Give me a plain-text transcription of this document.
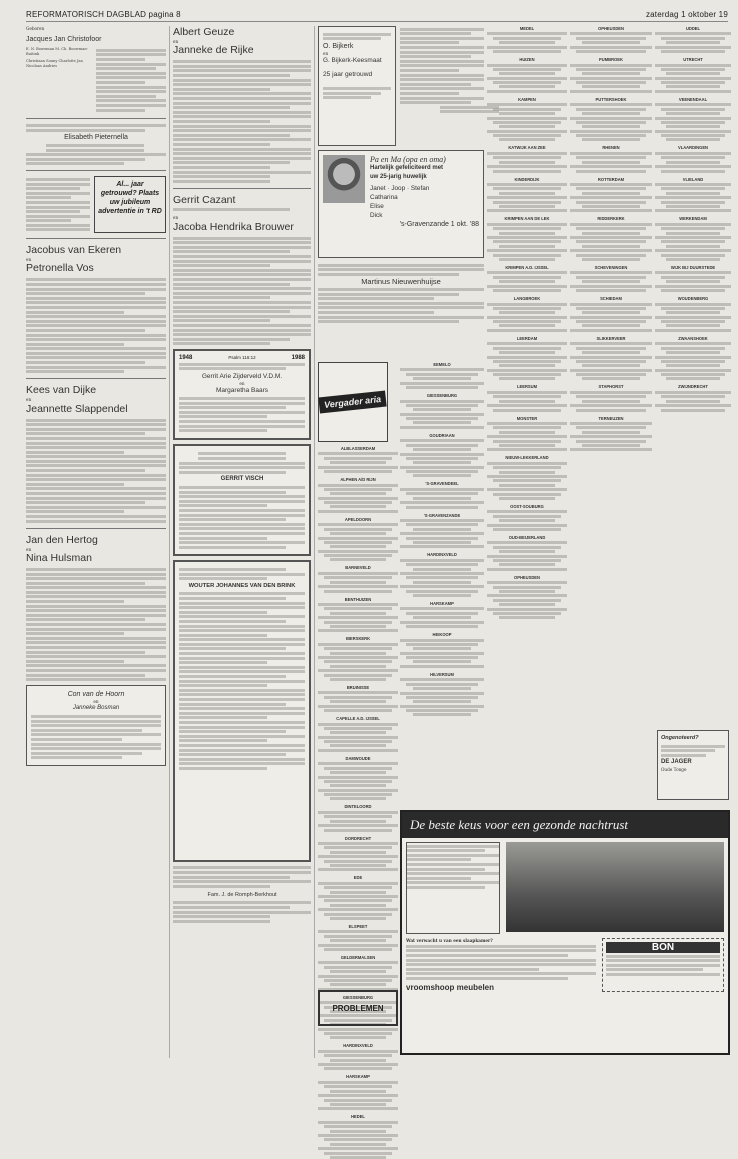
REFORMATORISCH DAGBLAD pagina 8	zaterdag 1 oktober 19
Geboren
Jacques Jan Christofoor
E. N. Bouwman M. Ch. Bouwman-Buitink
Christiaan Sonny Charlotte Jan Nicolaas Andries
Elisabeth Pieternella
Al... jaar getrouwd? Plaats uw jubileum advertentie in 't RD
Jacobus van Ekeren
en
Petronella Vos
Kees van Dijke
en
Jeannette Slappendel
Jan den Hertog
en
Nina Hulsman
Con van de Hoorn
en
Janneke Bosman
Albert Geuze
en
Janneke de Rijke
Gerrit Cazant
en
Jacoba Hendrika Brouwer
1948	Psalm 116:12	1988
Gerrit Arie Zijderveld V.D.M.
en
Margaretha Baars
GERRIT VISCH
WOUTER JOHANNES VAN DEN BRINK
Fam. J. de Romph-Berkhout
O. Bijkerk
en
G. Bijkerk-Keesmaat
25 jaar getrouwd
Pa en Ma (opa en oma)
Hartelijk gefeliciteerd met
uw 25-jarig huwelijk
Janet · Joop · Stefan
Catharina
Elise
Dick
's-Gravenzande 1 okt. '88
Martinus Nieuwenhuijse
Vergader aria
ALBLASSERDAM
ALPHEN A/D RIJN
APELDOORN
BARNEVELD
BENTHUIZEN
BIERSKERK
BRUINISSE
CAPELLE A.D. IJSSEL
DAMWOUDE
DINTELOORD
DORDRECHT
EDE
ELSPEET
GELDERMALSEN
GIESSENBURG
HARDINXVELD
HARSKAMP
HEDEL
EEMELO
GIESSENBURG
GOUDRIAAN
'S-GRAVENDEEL
'S-GRAVENZANDE
HARDINXVELD
HARSKAMP
HEIKOOP
HILVERSUM
MEDEL
HUIZEN
KAMPEN
KATWIJK AAN ZEE
KINDERDIJK
KRIMPEN AAN DE LEK
KRIMPEN A.D. IJSSEL
LANGBROEK
LEERDAM
LEERSUM
MONSTER
NIEUW-LEKKERLAND
OOST-SOUBURG
OUD-BEIJERLAND
OPHEUSDEN
OPHEUSDEN
PUMBROEK
PUTTERSHOEK
RHENEN
ROTTERDAM
RIDDERKERK
SCHEVENINGEN
SCHIEDAM
SLIKKERVEER
STAPHORST
TERNEUZEN
UDDEL
UTRECHT
VEENENDAAL
VLAARDINGEN
VLIELAND
WERKENDAM
WIJK BIJ DUURSTEDE
WOUDENBERG
ZWAANSHOEK
ZWIJNDRECHT
Ongenoteerd?
DE JAGER
Oude Tonge
PROBLEMEN
De beste keus voor een gezonde nachtrust
Wat verwacht u van een slaapkamer?
vroomshoop meubelen
BON
